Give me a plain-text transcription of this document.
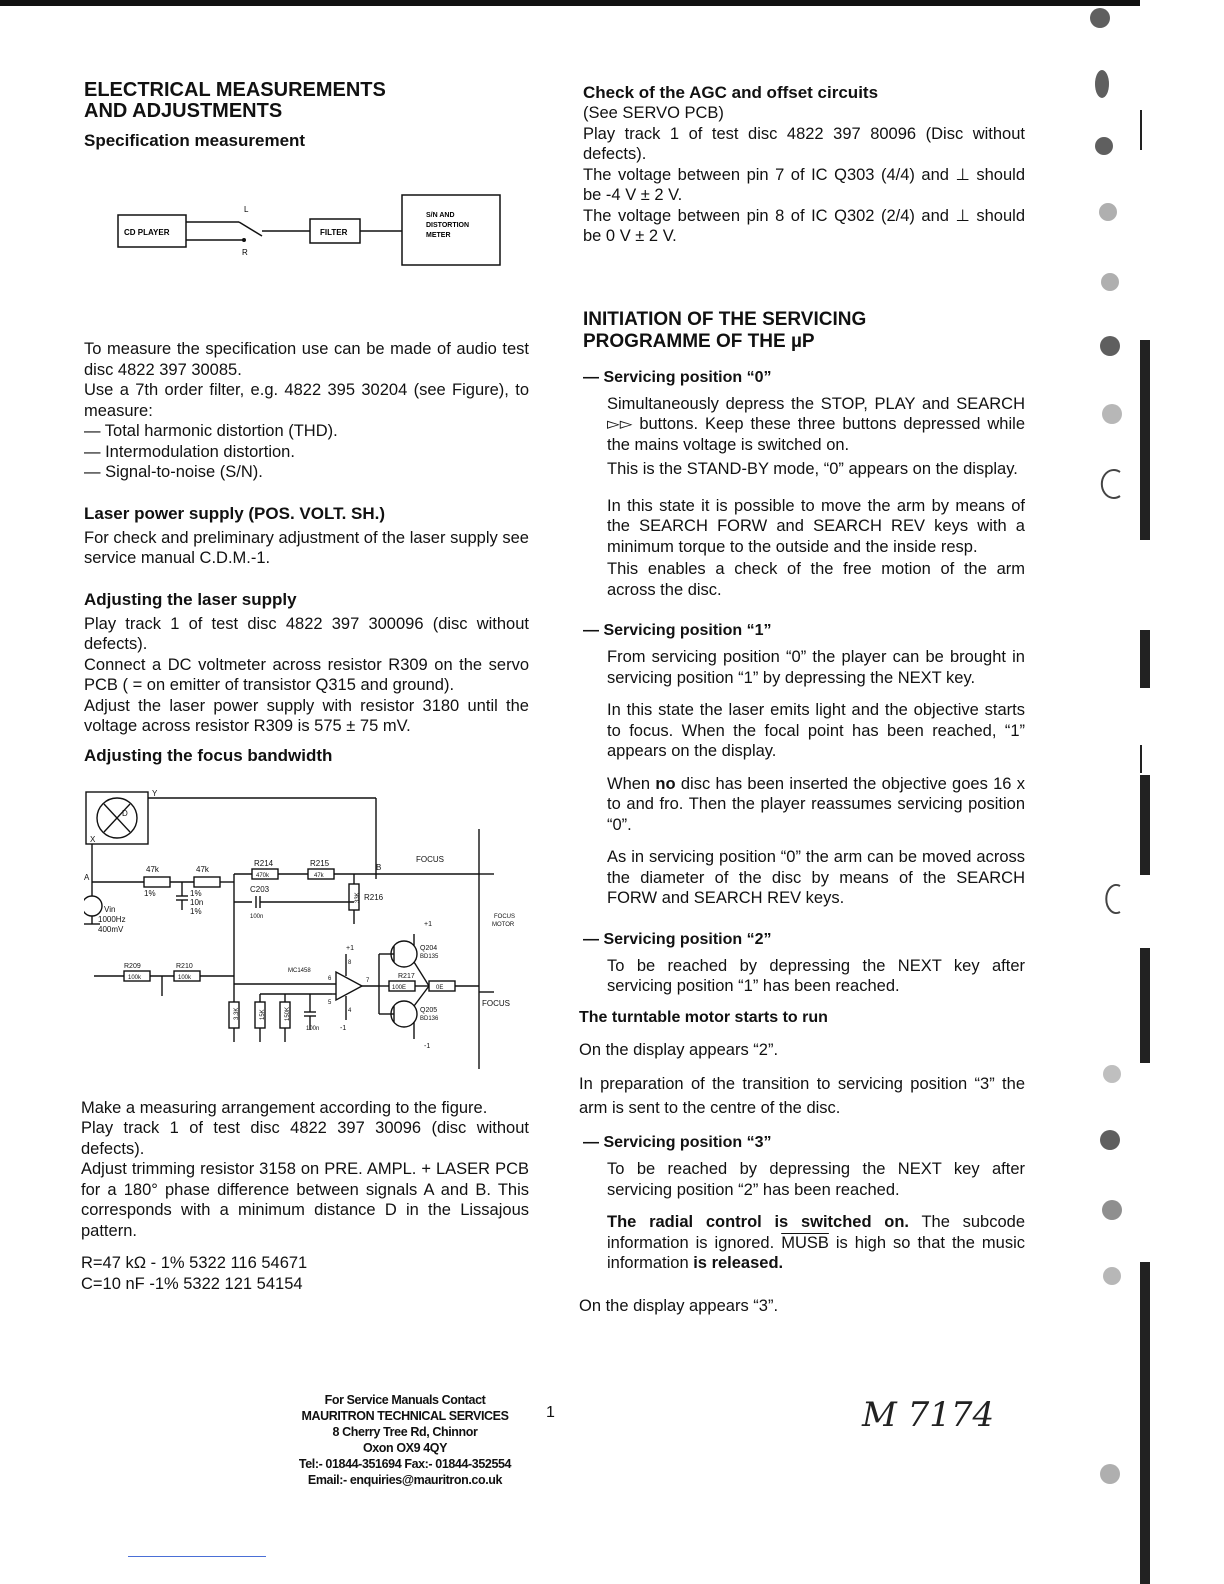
ELECTRICAL MEASUREMENTS
AND ADJUSTMENTS
Specification measurement
CD PLAYER
L
R
FILTER
S/N AND
DISTORTION
METER

To measure the specification use can be made of audio test disc 4822 397 30085.

Use a 7th order filter, e.g. 4822 395 30204 (see Figure), to measure:

— Total harmonic distortion (THD).

— Intermodulation distortion.

— Signal-to-noise (S/N).

Laser power supply (POS. VOLT. SH.)

For check and preliminary adjustment of the laser supply see service manual C.D.M.-1.

Adjusting the laser supply

Play track 1 of test disc 4822 397 300096 (disc without defects).

Connect a DC voltmeter across resistor R309 on the servo PCB ( = on emitter of transistor Q315 and ground).

Adjust the laser power supply with resistor 3180 until the voltage across resistor R309 is 575 ± 75 mV.

Adjusting the focus bandwidth
Y
X
D
A
B
47k	47k
1%	1%
1%
10n
Vin
1000Hz
400mV
R214	R215
470k	47k
C203
100n
R216
33K
FOCUS
FOCUS
MOTOR
+1
+1	Q204
BD135
Q205
BD136
MC1458
R217
100E	0E
FOCUS
R209	R210
100k	100k
3.3K	15K	150K
100n	-1
-1
6	7
5
4
8

Make a measuring arrangement according to the figure.

Play track 1 of test disc 4822 397 30096 (disc without defects).

Adjust trimming resistor 3158 on PRE. AMPL. + LASER PCB for a 180° phase difference between signals A and B. This corresponds with a minimum distance D in the Lissajous pattern.

R=47 kΩ - 1% 5322 116 54671

C=10 nF -1% 5322 121 54154

Check of the AGC and offset circuits

(See SERVO PCB)

Play track 1 of test disc 4822 397 80096 (Disc without defects).

The voltage between pin 7 of IC Q303 (4/4) and ⊥ should be -4 V ± 2 V.

The voltage between pin 8 of IC Q302 (2/4) and ⊥ should be 0 V ± 2 V.

INITIATION OF THE SERVICING
PROGRAMME OF THE µP
— Servicing position “0”

Simultaneously depress the STOP, PLAY and SEARCH ▻▻ buttons. Keep these three buttons depressed while the mains voltage is switched on.

This is the STAND-BY mode, “0” appears on the display.

In this state it is possible to move the arm by means of the SEARCH FORW and SEARCH REV keys with a minimum torque to the outside and the inside resp.

This enables a check of the free motion of the arm across the disc.

— Servicing position “1”

From servicing position “0” the player can be brought in servicing position “1” by depressing the NEXT key.

In this state the laser emits light and the objective starts to focus. When the focal point has been reached, “1” appears on the display.

When no disc has been inserted the objective goes 16 x to and fro. Then the player reassumes servicing position “0”.

As in servicing position “0” the arm can be moved across the diameter of the disc by means of the SEARCH FORW and SEARCH REV keys.

— Servicing position “2”

To be reached by depressing the NEXT key after servicing position “1” has been reached.

The turntable motor starts to run

On the display appears “2”.

In preparation of the transition to servicing position “3” the arm is sent to the centre of the disc.

— Servicing position “3”

To be reached by depressing the NEXT key after servicing position “2” has been reached.

The radial control is switched on. The subcode information is ignored. MUSB is high so that the music information is released.

On the display appears “3”.

For Service Manuals Contact
MAURITRON TECHNICAL SERVICES
8 Cherry Tree Rd, Chinnor
Oxon OX9 4QY
Tel:- 01844-351694 Fax:- 01844-352554
Email:- enquiries@mauritron.co.uk
1	M 7174
